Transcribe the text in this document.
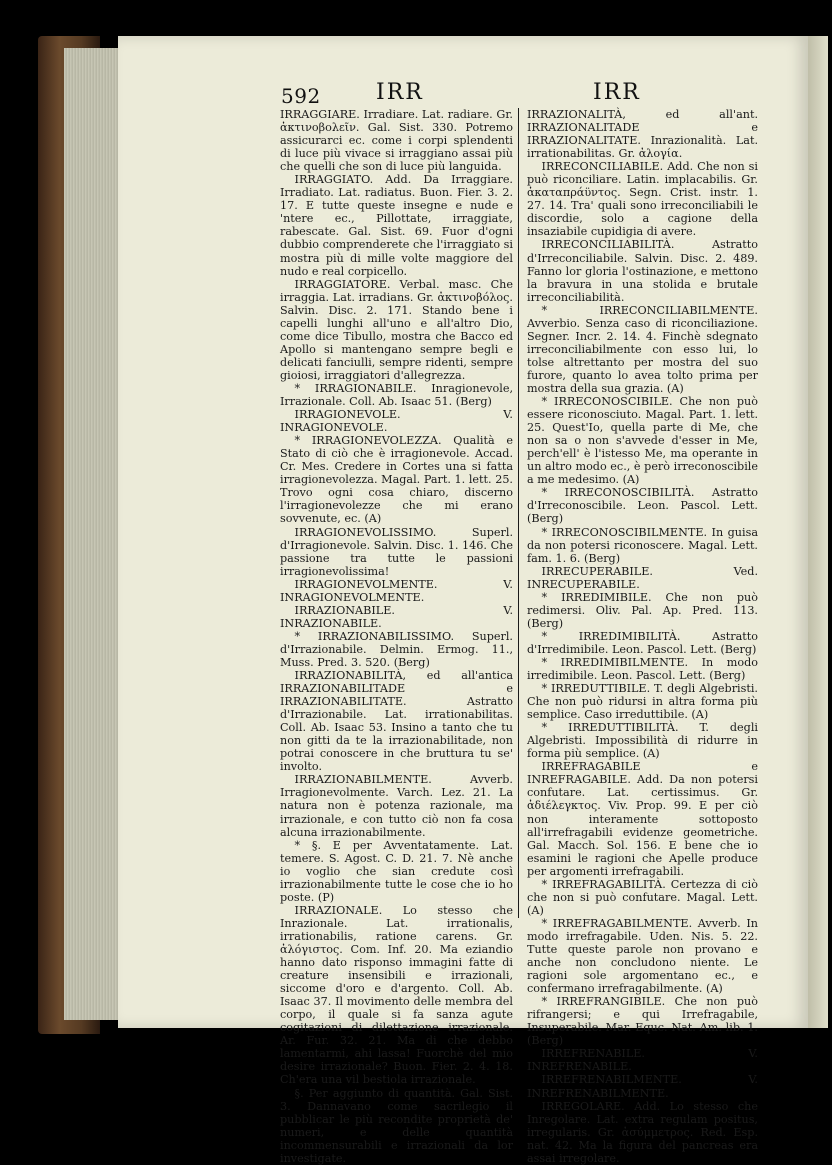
592	IRR	IRR

IRRAGGIARE. Irradiare. Lat. radiare. Gr. ἀκτινοβολεῖν. Gal. Sist. 330. Potremo assicurarci ec. come i corpi splendenti di luce più vivace si irraggiano assai più che quelli che son di luce più languida.

IRRAGGIATO. Add. Da Irraggiare. Irradiato. Lat. radiatus. Buon. Fier. 3. 2. 17. E tutte queste insegne e nude e 'ntere ec., Pillottate, irraggiate, rabescate. Gal. Sist. 69. Fuor d'ogni dubbio comprenderete che l'irraggiato si mostra più di mille volte maggiore del nudo e real corpicello.

IRRAGGIATORE. Verbal. masc. Che irraggia. Lat. irradians. Gr. ἀκτινοβόλος. Salvin. Disc. 2. 171. Stando bene i capelli lunghi all'uno e all'altro Dio, come dice Tibullo, mostra che Bacco ed Apollo si mantengano sempre begli e delicati fanciulli, sempre ridenti, sempre gioiosi, irraggiatori d'allegrezza.

* IRRAGIONABILE. Inragionevole, Irrazionale. Coll. Ab. Isaac 51. (Berg)

IRRAGIONEVOLE. V. INRAGIONEVOLE.

* IRRAGIONEVOLEZZA. Qualità e Stato di ciò che è irragionevole. Accad. Cr. Mes. Credere in Cortes una si fatta irragionevolezza. Magal. Part. 1. lett. 25. Trovo ogni cosa chiaro, discerno l'irragionevolezze che mi erano sovvenute, ec. (A)

IRRAGIONEVOLISSIMO. Superl. d'Irragionevole. Salvin. Disc. 1. 146. Che passione tra tutte le passioni irragionevolissima!

IRRAGIONEVOLMENTE. V. INRAGIONEVOLMENTE.

IRRAZIONABILE. V. INRAZIONABILE.

* IRRAZIONABILISSIMO. Superl. d'Irrazionabile. Delmin. Ermog. 11., Muss. Pred. 3. 520. (Berg)

IRRAZIONABILITÀ, ed all'antica IRRAZIONABILITADE e IRRAZIONABILITATE. Astratto d'Irrazionabile. Lat. irrationabilitas. Coll. Ab. Isaac 53. Insino a tanto che tu non gitti da te la irrazionabilitade, non potrai conoscere in che bruttura tu se' involto.

IRRAZIONABILMENTE. Avverb. Irragionevolmente. Varch. Lez. 21. La natura non è potenza razionale, ma irrazionale, e con tutto ciò non fa cosa alcuna irrazionabilmente.

* §. E per Avventatamente. Lat. temere. S. Agost. C. D. 21. 7. Nè anche io voglio che sian credute così irrazionabilmente tutte le cose che io ho poste. (P)

IRRAZIONALE. Lo stesso che Inrazionale. Lat. irrationalis, irrationabilis, ratione carens. Gr. ἀλόγιστος. Com. Inf. 20. Ma eziandio hanno dato risponso immagini fatte di creature insensibili e irrazionali, siccome d'oro e d'argento. Coll. Ab. Isaac 37. Il movimento delle membra del corpo, il quale si fa sanza agute cogitazioni di dilettazione irrazionale. Ar. Fur. 32. 21. Ma di che debbo lamentarmi, ahi lassa! Fuorchè del mio desire irrazionale? Buon. Fier. 2. 4. 18. Ch'era una vil bestiola irrazionale.

§. Per aggiunto di quantità. Gal. Sist. 3. Dannavano come sacrilegio il pubblicar le più recondite proprietà de' numeri, e delle quantità incommensurabili e irrazionali da lor investigate.

IRRAZIONALITÀ, ed all'ant. IRRAZIONALITADE e IRRAZIONALITATE. Inrazionalità. Lat. irrationabilitas. Gr. ἀλογία.

IRRECONCILIABILE. Add. Che non si può riconciliare. Latin. implacabilis. Gr. ἀκαταπράϋντος. Segn. Crist. instr. 1. 27. 14. Tra' quali sono irreconciliabili le discordie, solo a cagione della insaziabile cupidigia di avere.

IRRECONCILIABILITÀ. Astratto d'Irreconciliabile. Salvin. Disc. 2. 489. Fanno lor gloria l'ostinazione, e mettono la bravura in una stolida e brutale irreconciliabilità.

* IRRECONCILIABILMENTE. Avverbio. Senza caso di riconciliazione. Segner. Incr. 2. 14. 4. Finchè sdegnato irreconciliabilmente con esso lui, lo tolse altrettanto per mostra del suo furore, quanto lo avea tolto prima per mostra della sua grazia. (A)

* IRRECONOSCIBILE. Che non può essere riconosciuto. Magal. Part. 1. lett. 25. Quest'Io, quella parte di Me, che non sa o non s'avvede d'esser in Me, perch'ell' è l'istesso Me, ma operante in un altro modo ec., è però irreconoscibile a me medesimo. (A)

* IRRECONOSCIBILITÀ. Astratto d'Irreconoscibile. Leon. Pascol. Lett. (Berg)

* IRRECONOSCIBILMENTE. In guisa da non potersi riconoscere. Magal. Lett. fam. 1. 6. (Berg)

IRRECUPERABILE. Ved. INRECUPERABILE.

* IRREDIMIBILE. Che non può redimersi. Oliv. Pal. Ap. Pred. 113. (Berg)

* IRREDIMIBILITÀ. Astratto d'Irredimibile. Leon. Pascol. Lett. (Berg)

* IRREDIMIBILMENTE. In modo irredimibile. Leon. Pascol. Lett. (Berg)

* IRREDUTTIBILE. T. degli Algebristi. Che non può ridursi in altra forma più semplice. Caso irreduttibile. (A)

* IRREDUTTIBILITÀ. T. degli Algebristi. Impossibilità di ridurre in forma più semplice. (A)

IRREFRAGABILE e INREFRAGABILE. Add. Da non potersi confutare. Lat. certissimus. Gr. ἀδιέλεγκτος. Viv. Prop. 99. E per ciò non interamente sottoposto all'irrefragabili evidenze geometriche. Gal. Macch. Sol. 156. E bene che io esamini le ragioni che Apelle produce per argomenti irrefragabili.

* IRREFRAGABILITÀ. Certezza di ciò che non si può confutare. Magal. Lett. (A)

* IRREFRAGABILMENTE. Avverb. In modo irrefragabile. Uden. Nis. 5. 22. Tutte queste parole non provano e anche non concludono niente. Le ragioni sole argomentano ec., e confermano irrefragabilmente. (A)

* IRREFRANGIBILE. Che non può rifrangersi; e qui Irrefragabile, Insuperabile. Mar. Equc. Nat. Am. lib. 1. (Berg)

IRREFRENABILE. V. INREFRENABILE.

IRREFRENABILMENTE. V. INREFRENABILMENTE.

IRREGOLARE. Add. Lo stesso che Inregolare. Lat. extra regulam positus, irregularis. Gr. ἀσύμμετρος. Red. Esp. nat. 42. Ma la figura del pancreas era assai irregolare.
